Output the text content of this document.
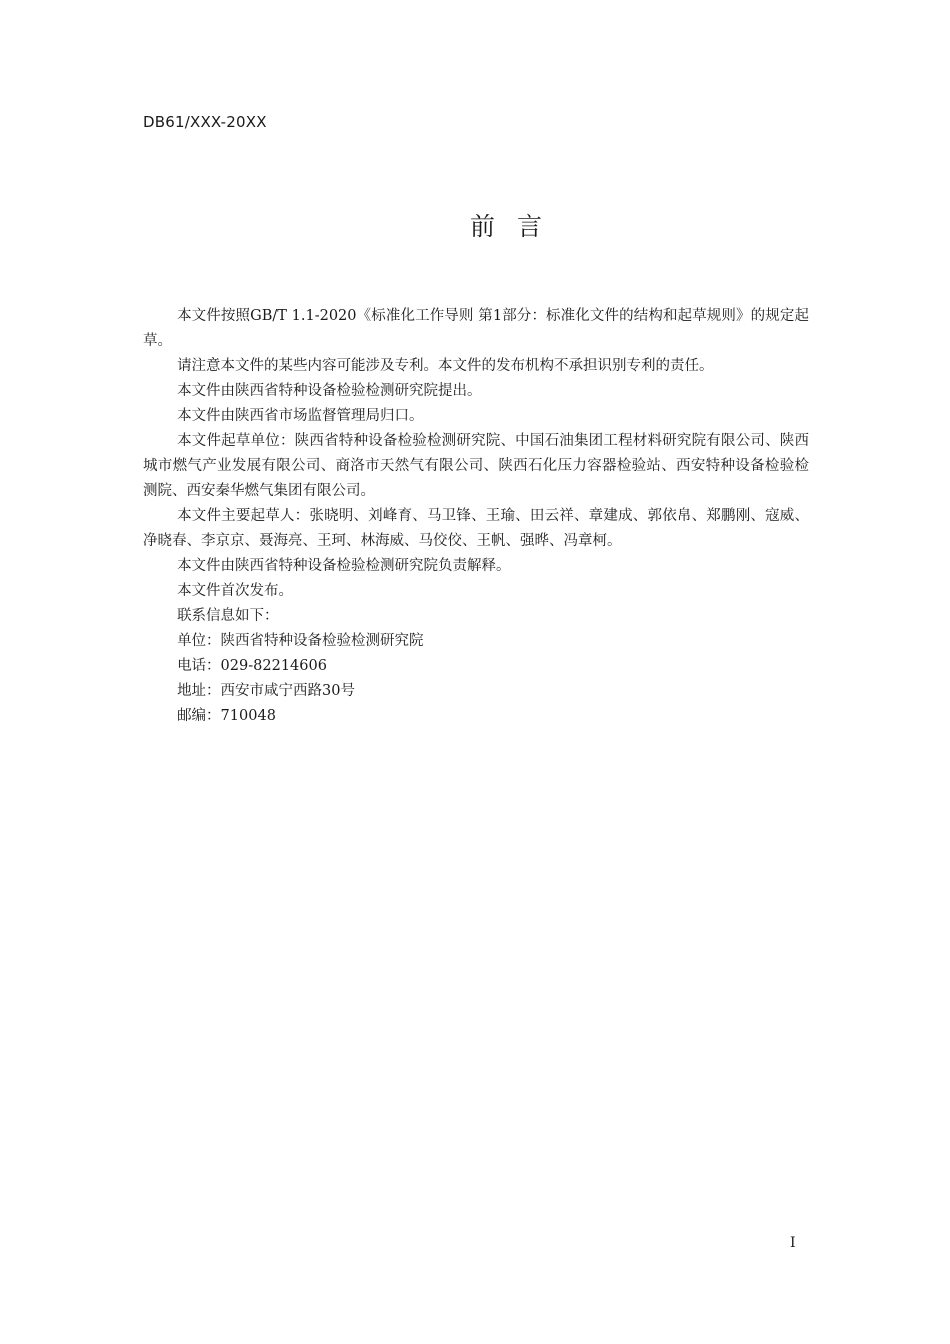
DB61/XXX-20XX
前言

本文件按照GB/T 1.1-2020《标准化工作导则 第1部分：标准化文件的结构和起草规则》的规定起草。

请注意本文件的某些内容可能涉及专利。本文件的发布机构不承担识别专利的责任。

本文件由陕西省特种设备检验检测研究院提出。

本文件由陕西省市场监督管理局归口。

本文件起草单位：陕西省特种设备检验检测研究院、中国石油集团工程材料研究院有限公司、陕西城市燃气产业发展有限公司、商洛市天然气有限公司、陕西石化压力容器检验站、西安特种设备检验检测院、西安秦华燃气集团有限公司。

本文件主要起草人：张晓明、刘峰育、马卫锋、王瑜、田云祥、章建成、郭依帛、郑鹏刚、寇威、净晓春、李京京、聂海亮、王珂、林海威、马佼佼、王帆、强晔、冯章柯。

本文件由陕西省特种设备检验检测研究院负责解释。

本文件首次发布。

联系信息如下：

单位：陕西省特种设备检验检测研究院

电话：029-82214606

地址：西安市咸宁西路30号

邮编：710048

I
